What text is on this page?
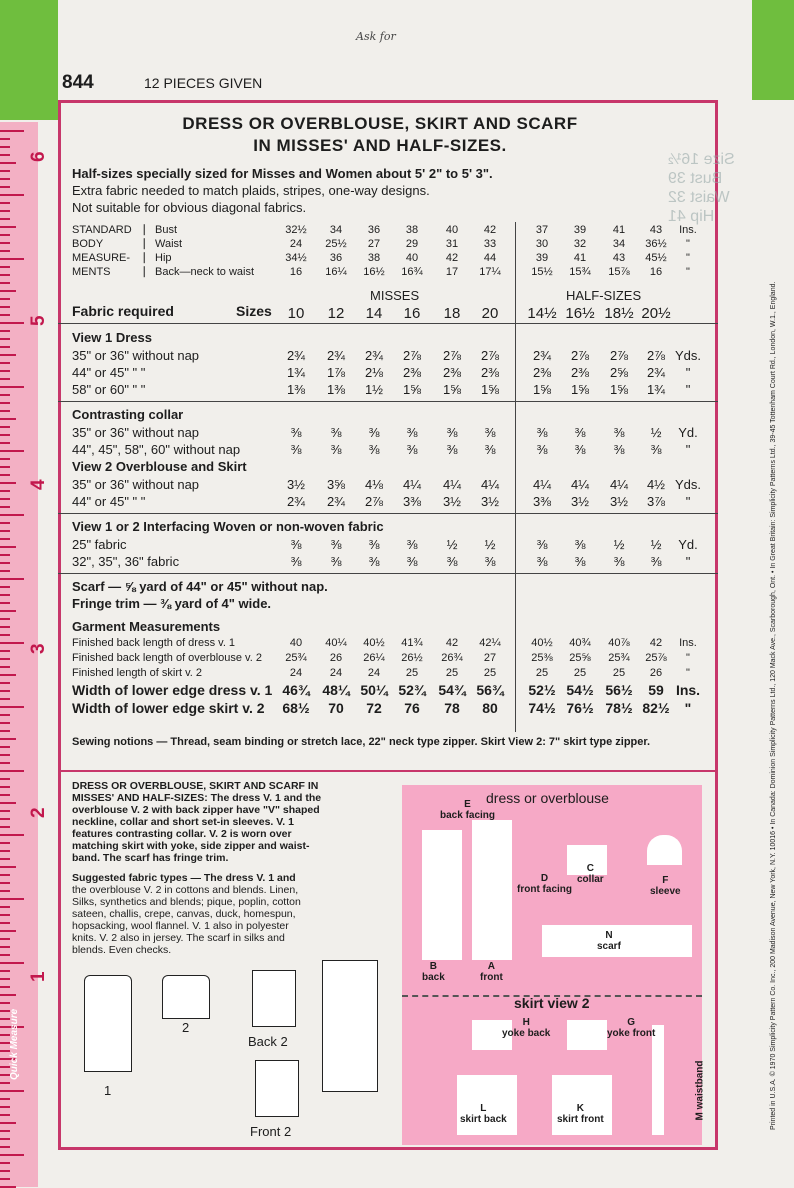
6
5
4
3
2
1
Quick Measure
844	12 PIECES GIVEN
Ask for
DRESS OR OVERBLOUSE, SKIRT AND SCARF
IN MISSES' AND HALF-SIZES.
Half-sizes specially sized for Misses and Women about 5' 2" to 5' 3".
Extra fabric needed to match plaids, stripes, one-way designs.
Not suitable for obvious diagonal fabrics.
STANDARD	32½	34	36	38	40	42	37	39	41	43	Ins.
⎸Bust
BODY	24	25½	27	29	31	33	30	32	34	36½	"
⎸Waist
MEASURE-	34½	36	38	40	42	44	39	41	43	45½	"
⎸Hip
MENTS	16	16¼	16½	16¾	17	17¼	15½	15¾	15⅞	16	"
⎸Back—neck to waist
Fabric required	Sizes
MISSES	HALF-SIZES
10	12	14	16	18	20	14½ 16½ 18½ 20½
View 1 Dress
35" or 36" without nap	2¾	2¾	2¾	2⅞	2⅞	2⅞	2¾	2⅞	2⅞	2⅞ Yds.
44" or 45" " "	1¾	1⅞	2⅛	2⅜	2⅜	2⅜	2⅜	2⅜	2⅝	2¾	"
58" or 60" " "	1⅜	1⅜	1½	1⅝	1⅝	1⅝	1⅝	1⅝	1⅝	1¾	"
Contrasting collar
35" or 36" without nap	⅜	⅜	⅜	⅜	⅜	⅜	⅜	⅜	⅜	½	Yd.
44", 45", 58", 60" without nap	⅜	⅜	⅜	⅜	⅜	⅜	⅜	⅜	⅜	⅜	"
View 2 Overblouse and Skirt
35" or 36" without nap	3½	3⅝	4⅛	4¼	4¼	4¼	4¼	4¼	4¼	4½ Yds.
44" or 45" " "	2¾	2¾	2⅞	3⅜	3½	3½	3⅜	3½	3½	3⅞	"
View 1 or 2 Interfacing Woven or non-woven fabric
25" fabric	⅜	⅜	⅜	⅜	½	½	⅜	⅜	½	½	Yd.
32", 35", 36" fabric	⅜	⅜	⅜	⅜	⅜	⅜	⅜	⅜	⅜	⅜	"
Scarf — ⅝ yard of 44" or 45" without nap.
Fringe trim — ⅜ yard of 4" wide.
Garment Measurements
Finished back length of dress v. 1	40	40¼	40½	41¾	42	42¼	40½	40¾	40⅞	42	Ins.
Finished back length of overblouse v. 2	25¾	26	26¼	26½	26¾	27	25⅜	25⅝	25¾	25⅞	"
Finished length of skirt v. 2	24	24	24	25	25	25	25	25	25	26	"
Width of lower edge dress v. 1 46¾ 48¼ 50¼ 52¾ 54¾ 56¾	52½ 54½ 56½	59 Ins.
Width of lower edge skirt v. 2	68½	70	72	76	78	80	74½ 76½ 78½ 82½	"
Sewing notions — Thread, seam binding or stretch lace, 22" neck type zipper. Skirt View 2: 7" skirt type zipper.
DRESS OR OVERBLOUSE, SKIRT AND SCARF IN
MISSES' AND HALF-SIZES: The dress V. 1 and the
overblouse V. 2 with back zipper have "V" shaped
neckline, collar and short set-in sleeves. V. 1
features contrasting collar. V. 2 is worn over
matching skirt with yoke, side zipper and waist-
band. The scarf has fringe trim.
Suggested fabric types — The dress V. 1 and
the overblouse V. 2 in cottons and blends. Linen,
Silks, synthetics and blends; pique, poplin, cotton
sateen, challis, crepe, canvas, duck, homespun,
hopsacking, wool flannel. V. 1 also in polyester
knits. V. 2 also in jersey. The scarf in silks and
blends. Even checks.
1
2
Back 2
Front 2
dress or overblouse
E
back facing
D
front facing
C
collar	F
sleeve
N
scarf
B
back
A
front
skirt view 2
H
yoke back
G
yoke front
M waistband
L
skirt back
K
skirt front	Printed in U.S.A. © 1970 Simplicity Pattern Co. Inc., 200 Madison Avenue, New York, N.Y. 10016 • In Canada: Dominion Simplicity Patterns Ltd., 120 Mack Ave., Scarborough, Ont. • In Great Britain: Simplicity Patterns Ltd., 39-45 Tottenham Court Rd., London, W.1., England.
Size 16½
Bust 39
Waist 32
Hip 41
